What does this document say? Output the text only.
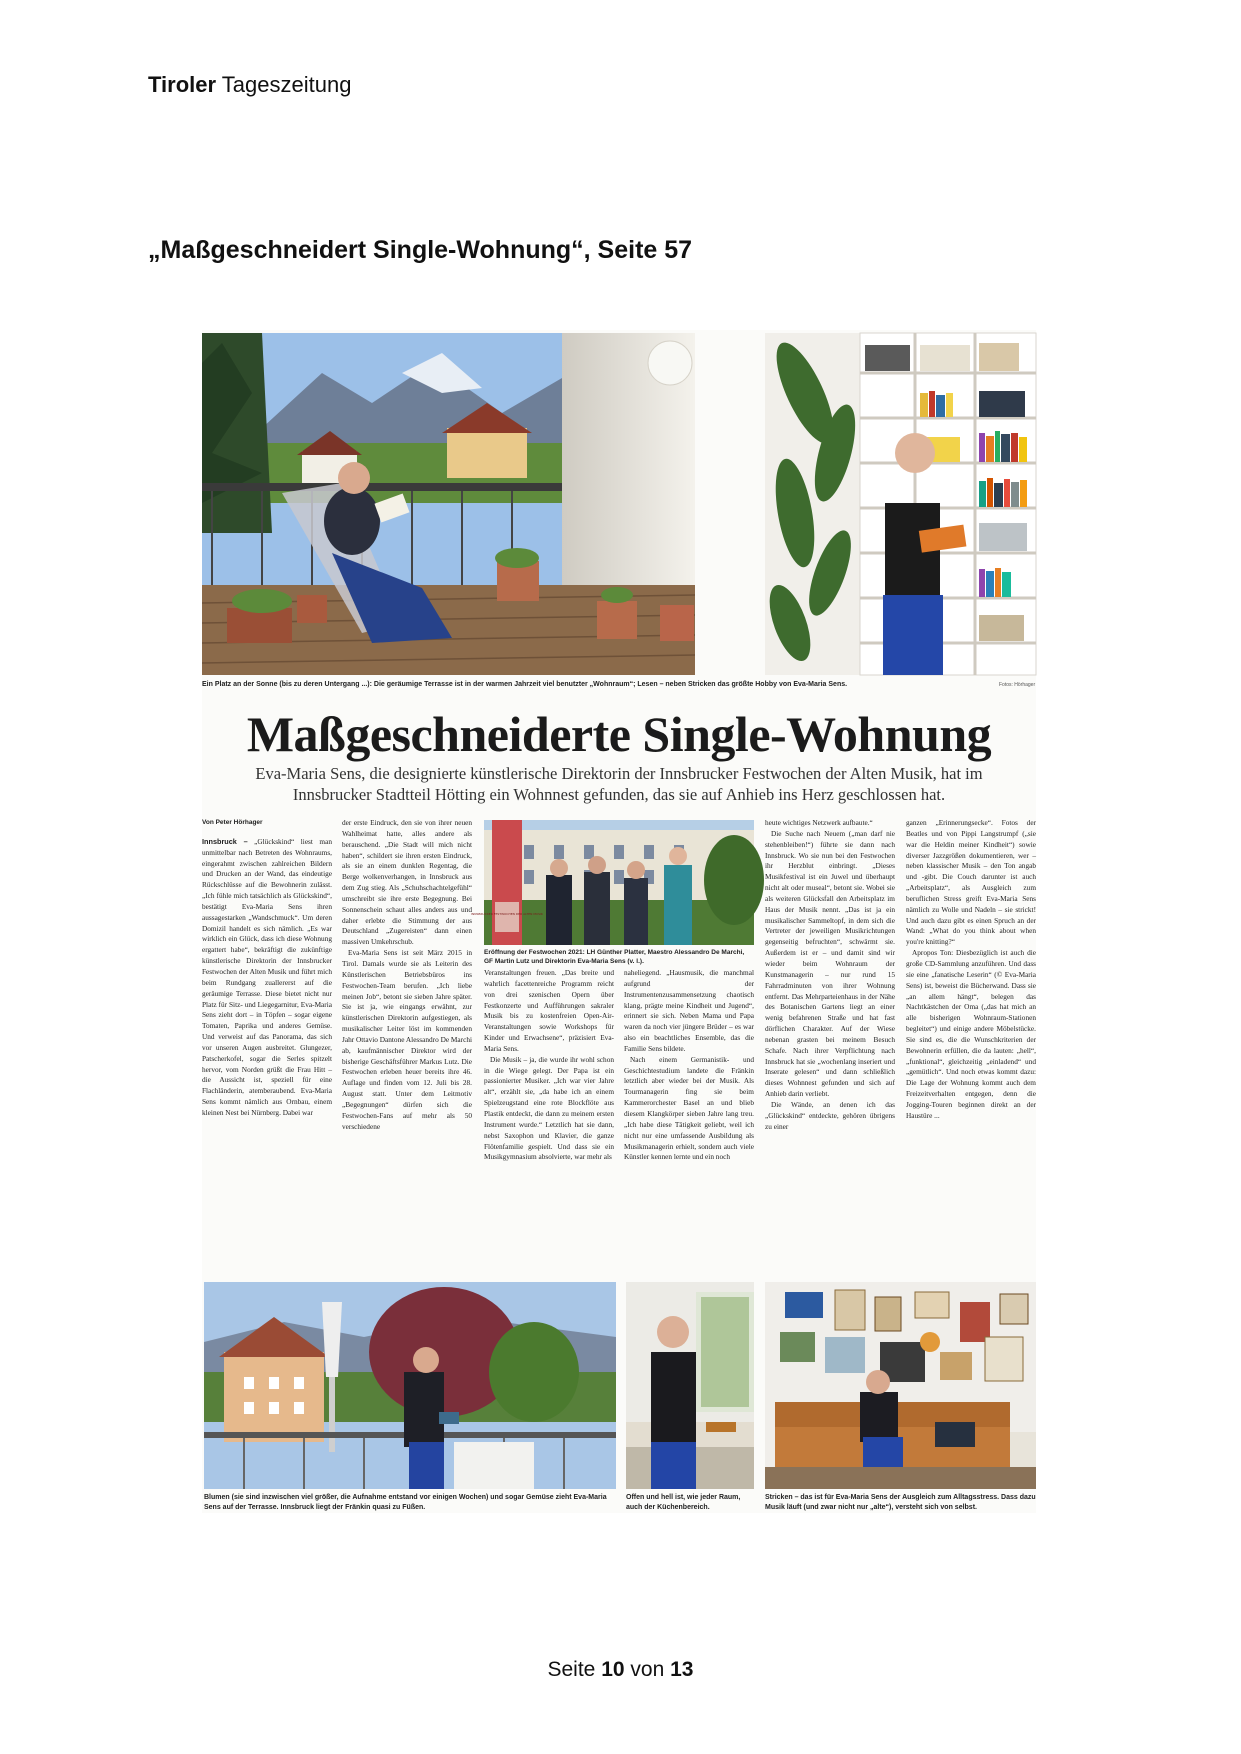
Tiroler Tageszeitung
„Maßgeschneidert Single-Wohnung“, Seite 57
Ein Platz an der Sonne (bis zu deren Untergang ...): Die geräumige Terrasse ist in der warmen Jahrzeit viel benutzter „Wohnraum“; Lesen – neben Stricken das größte Hobby von Eva-Maria Sens.	Fotos: Hörhager
Maßgeschneiderte Single-Wohnung
Eva-Maria Sens, die designierte künstlerische Direktorin der Innsbrucker Festwochen der Alten Musik, hat im Innsbrucker Stadtteil Hötting ein Wohnnest gefunden, das sie auf Anhieb ins Herz geschlossen hat.

Von Peter Hörhager

Innsbruck – „Glückskind“ liest man unmittelbar nach Betreten des Wohnraums, eingerahmt zwischen zahlreichen Bildern und Drucken an der Wand, das eindeutige Rückschlüsse auf die Bewohnerin zulässt. „Ich fühle mich tatsächlich als Glückskind“, bestätigt Eva-Maria Sens ihren aussagestarken „Wandschmuck“. Um deren Domizil handelt es sich nämlich. „Es war wirklich ein Glück, dass ich diese Wohnung ergattert habe“, bekräftigt die zukünftige künstlerische Direktorin der Innsbrucker Festwochen der Alten Musik und führt mich beim Rundgang zuallererst auf die geräumige Terrasse. Diese bietet nicht nur Platz für Sitz- und Liegegarnitur, Eva-Maria Sens zieht dort – in Töpfen – sogar eigene Tomaten, Paprika und anderes Gemüse. Und verweist auf das Panorama, das sich vor unseren Augen ausbreitet. Glungezer, Patscherkofel, sogar die Serles spitzelt hervor, vom Norden grüßt die Frau Hitt – die Aussicht ist, speziell für eine Flachländerin, atemberaubend. Eva-Maria Sens kommt nämlich aus Ornbau, einem kleinen Nest bei Nürnberg. Dabei war

der erste Eindruck, den sie von ihrer neuen Wahlheimat hatte, alles andere als berauschend. „Die Stadt will mich nicht haben“, schildert sie ihren ersten Eindruck, als sie an einem dunklen Regentag, die Berge wolkenverhangen, in Innsbruck aus dem Zug stieg. Als „Schuhschachtelgefühl“ umschreibt sie ihre erste Begegnung. Bei Sonnenschein schaut alles anders aus und daher erlebte die Stimmung der aus Deutschland „Zugereisten“ dann einen massiven Umkehrschub.

Eva-Maria Sens ist seit März 2015 in Tirol. Damals wurde sie als Leiterin des Künstlerischen Betriebsbüros ins Festwochen-Team berufen. „Ich liebe meinen Job“, betont sie sieben Jahre später. Sie ist ja, wie eingangs erwähnt, zur künstlerischen Direktorin aufgestiegen, als musikalischer Leiter löst im kommenden Jahr Ottavio Dantone Alessandro De Marchi ab, kaufmännischer Direktor wird der bisherige Geschäftsführer Markus Lutz. Die Festwochen erleben heuer bereits ihre 46. Auflage und finden vom 12. Juli bis 28. August statt. Unter dem Leitmotiv „Begegnungen“ dürfen sich die Festwochen-Fans auf mehr als 50 verschiedene

INNSBRUCKER FESTWOCHEN DER ALTEN MUSIK
Eröffnung der Festwochen 2021: LH Günther Platter, Maestro Alessandro De Marchi, GF Martin Lutz und Direktorin Eva-Maria Sens (v. l.).

Veranstaltungen freuen. „Das breite und wahrlich facettenreiche Programm reicht von drei szenischen Opern über Festkonzerte und Aufführungen sakraler Musik bis zu kostenfreien Open-Air-Veranstaltungen sowie Workshops für Kinder und Erwachsene“, präzisiert Eva-Maria Sens.

Die Musik – ja, die wurde ihr wohl schon in die Wiege gelegt. Der Papa ist ein passionierter Musiker. „Ich war vier Jahre alt“, erzählt sie, „da habe ich an einem Spielzeugstand eine rote Blockflöte aus Plastik entdeckt, die dann zu meinem ersten Instrument wurde.“ Letztlich hat sie dann, nebst Saxophon und Klavier, die ganze Flötenfamilie gespielt. Und dass sie ein Musikgymnasium absolvierte, war mehr als

naheliegend. „Hausmusik, die manchmal aufgrund der Instrumentenzusammensetzung chaotisch klang, prägte meine Kindheit und Jugend“, erinnert sie sich. Neben Mama und Papa waren da noch vier jüngere Brüder – es war also ein beachtliches Ensemble, das die Familie Sens bildete.

Nach einem Germanistik- und Geschichtestudium landete die Fränkin letztlich aber wieder bei der Musik. Als Tourmanagerin fing sie beim Kammerorchester Basel an und blieb diesem Klangkörper sieben Jahre lang treu. „Ich habe diese Tätigkeit geliebt, weil ich nicht nur eine umfassende Ausbildung als Musikmanagerin erhielt, sondern auch viele Künstler kennen lernte und ein noch

heute wichtiges Netzwerk aufbaute.“

Die Suche nach Neuem („man darf nie stehenbleiben!“) führte sie dann nach Innsbruck. Wo sie nun bei den Festwochen ihr Herzblut einbringt. „Dieses Musikfestival ist ein Juwel und überhaupt nicht alt oder museal“, betont sie. Wobei sie als weiteren Glücksfall den Arbeitsplatz im Haus der Musik nennt. „Das ist ja ein musikalischer Sammeltopf, in dem sich die Vertreter der jeweiligen Musikrichtungen gegenseitig befruchten“, schwärmt sie. Außerdem ist er – und damit sind wir wieder beim Wohnraum der Kunstmanagerin – nur rund 15 Fahrradminuten von ihrer Wohnung entfernt. Das Mehrparteienhaus in der Nähe des Botanischen Gartens liegt an einer wenig befahrenen Straße und hat fast dörflichen Charakter. Auf der Wiese nebenan grasten bei meinem Besuch Schafe. Nach ihrer Verpflichtung nach Innsbruck hat sie „wochenlang inseriert und Inserate gelesen“ und dann schließlich dieses Wohnnest gefunden und sich auf Anhieb darin verliebt.

Die Wände, an denen ich das „Glückskind“ entdeckte, gehören übrigens zu einer

ganzen „Erinnerungsecke“. Fotos der Beatles und von Pippi Langstrumpf („sie war die Heldin meiner Kindheit“) sowie diverser Jazzgrößen dokumentieren, wer – neben klassischer Musik – den Ton angab und -gibt. Die Couch darunter ist auch „Arbeitsplatz“, als Ausgleich zum beruflichen Stress greift Eva-Maria Sens nämlich zu Wolle und Nadeln – sie strickt! Und auch dazu gibt es einen Spruch an der Wand: „What do you think about when you're knitting?“

Apropos Ton: Diesbezüglich ist auch die große CD-Sammlung anzuführen. Und dass sie eine „fanatische Leserin“ (© Eva-Maria Sens) ist, beweist die Bücherwand. Dass sie „an allem hängt“, belegen das Nachtkästchen der Oma („das hat mich an alle bisherigen Wohnraum-Stationen begleitet“) und einige andere Möbelstücke. Sie sind es, die die Wunschkriterien der Bewohnerin erfüllen, die da lauten: „hell“, „funktional“, gleichzeitig „einladend“ und „gemütlich“. Und noch etwas kommt dazu: Die Lage der Wohnung kommt auch dem Freizeitverhalten entgegen, denn die Jogging-Touren beginnen direkt an der Haustüre ...

Blumen (sie sind inzwischen viel größer, die Aufnahme entstand vor einigen Wochen) und sogar Gemüse zieht Eva-Maria Sens auf der Terrasse. Innsbruck liegt der Fränkin quasi zu Füßen.
Offen und hell ist, wie jeder Raum, auch der Küchenbereich.
Stricken – das ist für Eva-Maria Sens der Ausgleich zum Alltagsstress. Dass dazu Musik läuft (und zwar nicht nur „alte“), versteht sich von selbst.
Seite 10 von 13
